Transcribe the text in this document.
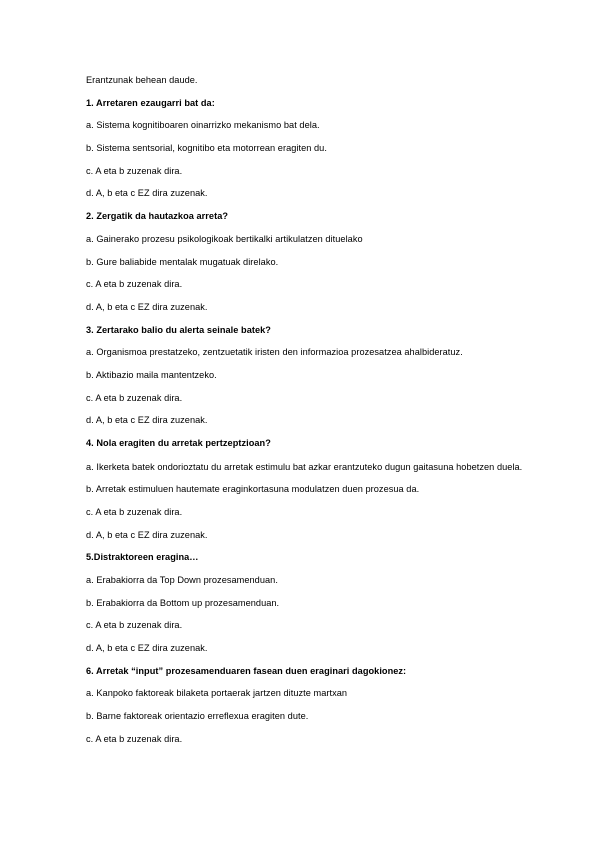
Erantzunak behean daude.

1. Arretaren ezaugarri bat da:

a. Sistema kognitiboaren oinarrizko mekanismo bat dela.

b. Sistema sentsorial, kognitibo eta motorrean eragiten du.

c. A eta b zuzenak dira.

d. A, b eta c EZ dira zuzenak.

2. Zergatik da hautazkoa arreta?

a. Gainerako prozesu psikologikoak bertikalki artikulatzen dituelako

b. Gure baliabide mentalak mugatuak direlako.

c. A eta b zuzenak dira.

d. A, b eta c EZ dira zuzenak.

3. Zertarako balio du alerta seinale batek?

a. Organismoa prestatzeko, zentzuetatik iristen den informazioa prozesatzea ahalbideratuz.

b. Aktibazio maila mantentzeko.

c. A eta b zuzenak dira.

d. A, b eta c EZ dira zuzenak.

4. Nola eragiten du arretak pertzeptzioan?

a. Ikerketa batek ondorioztatu du arretak estimulu bat azkar erantzuteko dugun gaitasuna hobetzen duela.

b. Arretak estimuluen hautemate eraginkortasuna modulatzen duen prozesua da.

c. A eta b zuzenak dira.

d. A, b eta c EZ dira zuzenak.

5.Distraktoreen eragina…

a. Erabakiorra da Top Down prozesamenduan.

b. Erabakiorra da Bottom up prozesamenduan.

c. A eta b zuzenak dira.

d. A, b eta c EZ dira zuzenak.

6. Arretak “input” prozesamenduaren fasean duen eraginari dagokionez:

a. Kanpoko faktoreak bilaketa portaerak jartzen dituzte martxan

b. Barne faktoreak orientazio erreflexua eragiten dute.

c. A eta b zuzenak dira.
